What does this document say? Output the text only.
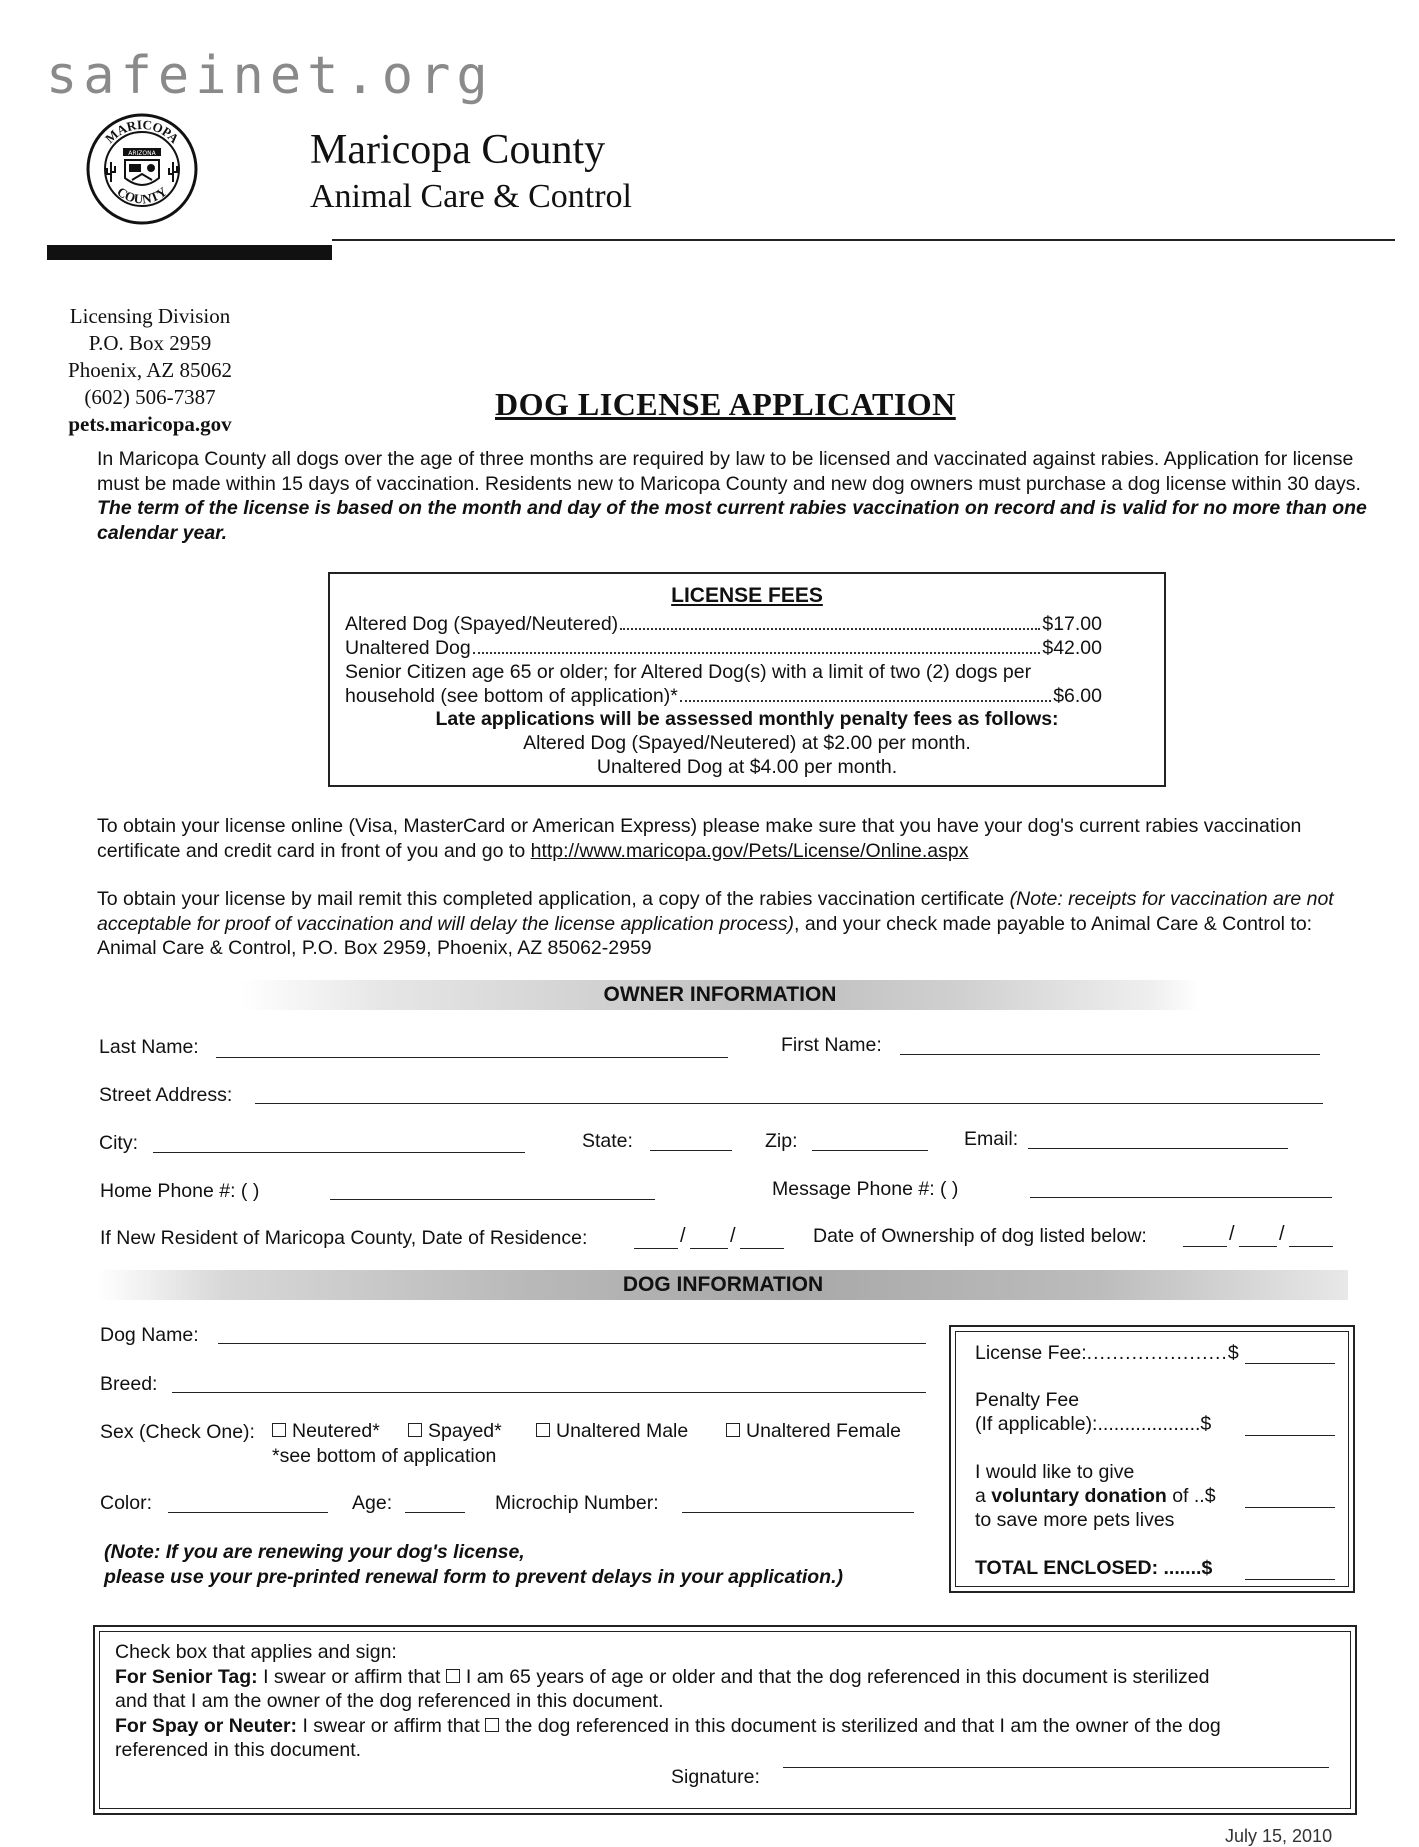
safeinet.org
MARICOPA
COUNTY
ARIZONA	Maricopa County
Animal Care & Control
Licensing Division
P.O. Box 2959
Phoenix, AZ 85062
(602) 506-7387
pets.maricopa.gov
DOG LICENSE APPLICATION
In Maricopa County all dogs over the age of three months are required by law to be licensed and vaccinated against rabies. Application for license must be made within 15 days of vaccination. Residents new to Maricopa County and new dog owners must purchase a dog license within 30 days. The term of the license is based on the month and day of the most current rabies vaccination on record and is valid for no more than one calendar year.
LICENSE FEES
Altered Dog (Spayed/Neutered)	$17.00
Unaltered Dog	$42.00
Senior Citizen age 65 or older; for Altered Dog(s) with a limit of two (2) dogs per
household (see bottom of application)*	$6.00
Late applications will be assessed monthly penalty fees as follows:
Altered Dog (Spayed/Neutered) at $2.00 per month.
Unaltered Dog at $4.00 per month.
To obtain your license online (Visa, MasterCard or American Express) please make sure that you have your dog's current rabies vaccination certificate and credit card in front of you and go to http://www.maricopa.gov/Pets/License/Online.aspx
To obtain your license by mail remit this completed application, a copy of the rabies vaccination certificate (Note: receipts for vaccination are not acceptable for proof of vaccination and will delay the license application process), and your check made payable to Animal Care & Control to: Animal Care & Control, P.O. Box 2959, Phoenix, AZ 85062-2959
OWNER INFORMATION
Last Name:	First Name:
Street Address:
City:	State:	Zip:	Email:
Home Phone #: ( )	Message Phone #: ( )
If New Resident of Maricopa County, Date of Residence:	/ /	Date of Ownership of dog listed below:	/ /
DOG INFORMATION
Dog Name:
Breed:
Sex (Check One):	Neutered*	Spayed*	Unaltered Male	Unaltered Female
*see bottom of application
Color:	Age:	Microchip Number:
(Note: If you are renewing your dog's license,
please use your pre-printed renewal form to prevent delays in your application.)
License Fee:......................$
Penalty Fee
(If applicable):...................$
I would like to give
a voluntary donation of ..$
to save more pets lives
TOTAL ENCLOSED: .......$
Check box that applies and sign:
For Senior Tag: I swear or affirm that I am 65 years of age or older and that the dog referenced in this document is sterilized
and that I am the owner of the dog referenced in this document.
For Spay or Neuter: I swear or affirm that the dog referenced in this document is sterilized and that I am the owner of the dog
referenced in this document.
Signature:
July 15, 2010
